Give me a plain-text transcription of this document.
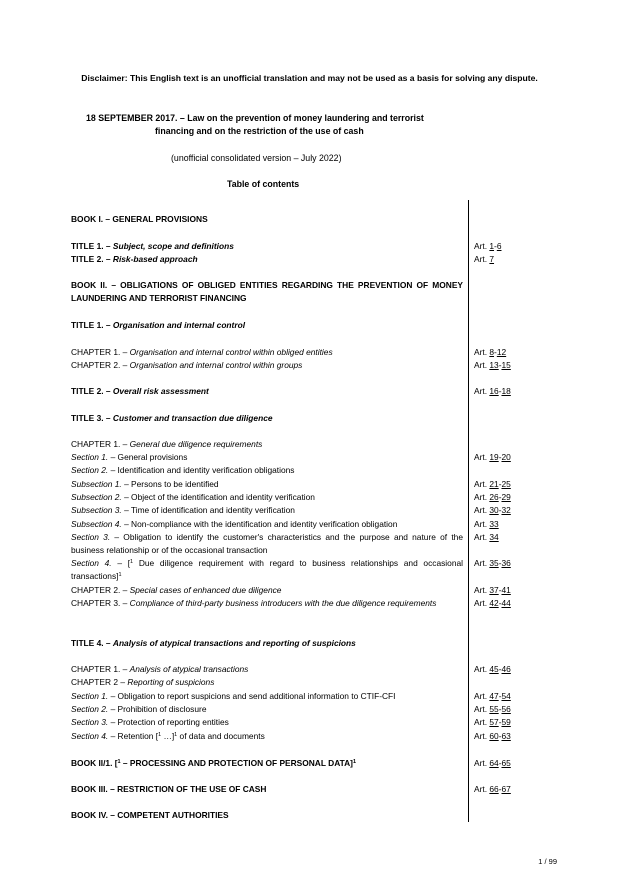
Disclaimer: This English text is an unofficial translation and may not be used as a basis for solving any dispute.
18 SEPTEMBER 2017. – Law on the prevention of money laundering and terrorist
financing and on the restriction of the use of cash
(unofficial consolidated version – July 2022)
Table of contents
BOOK I. – GENERAL PROVISIONS
TITLE 1. – Subject, scope and definitions
TITLE 2. – Risk-based approach
BOOK II. – OBLIGATIONS OF OBLIGED ENTITIES REGARDING THE PREVENTION OF MONEY LAUNDERING AND TERRORIST FINANCING
TITLE 1. – Organisation and internal control
CHAPTER 1. – Organisation and internal control within obliged entities
CHAPTER 2. – Organisation and internal control within groups
TITLE 2. – Overall risk assessment
TITLE 3. – Customer and transaction due diligence
CHAPTER 1. – General due diligence requirements
Section 1. – General provisions
Section 2. – Identification and identity verification obligations
Subsection 1. – Persons to be identified
Subsection 2. – Object of the identification and identity verification
Subsection 3. – Time of identification and identity verification
Subsection 4. – Non-compliance with the identification and identity verification obligation
Section 3. – Obligation to identify the customer's characteristics and the purpose and nature of the business relationship or of the occasional transaction
Section 4. – [$^1$ Due diligence requirement with regard to business relationships and occasional transactions]$^1$
CHAPTER 2. – Special cases of enhanced due diligence
CHAPTER 3. – Compliance of third-party business introducers with the due diligence requirements
TITLE 4. – Analysis of atypical transactions and reporting of suspicions
CHAPTER 1. – Analysis of atypical transactions
CHAPTER 2 – Reporting of suspicions
Section 1. – Obligation to report suspicions and send additional information to CTIF-CFI
Section 2. – Prohibition of disclosure
Section 3. – Protection of reporting entities
Section 4. – Retention [$^1$ …]$^1$ of data and documents
BOOK II/1. [$^1$ – PROCESSING AND PROTECTION OF PERSONAL DATA]$^1$
BOOK III. – RESTRICTION OF THE USE OF CASH
BOOK IV. – COMPETENT AUTHORITIES
Art. 1-6
Art. 7
Art. 8-12
Art. 13-15
Art. 16-18
Art. 19-20
Art. 21-25
Art. 26-29
Art. 30-32
Art. 33
Art. 34
Art. 35-36
Art. 37-41
Art. 42-44
Art. 45-46
Art. 47-54
Art. 55-56
Art. 57-59
Art. 60-63
Art. 64-65
Art. 66-67
1 / 99
